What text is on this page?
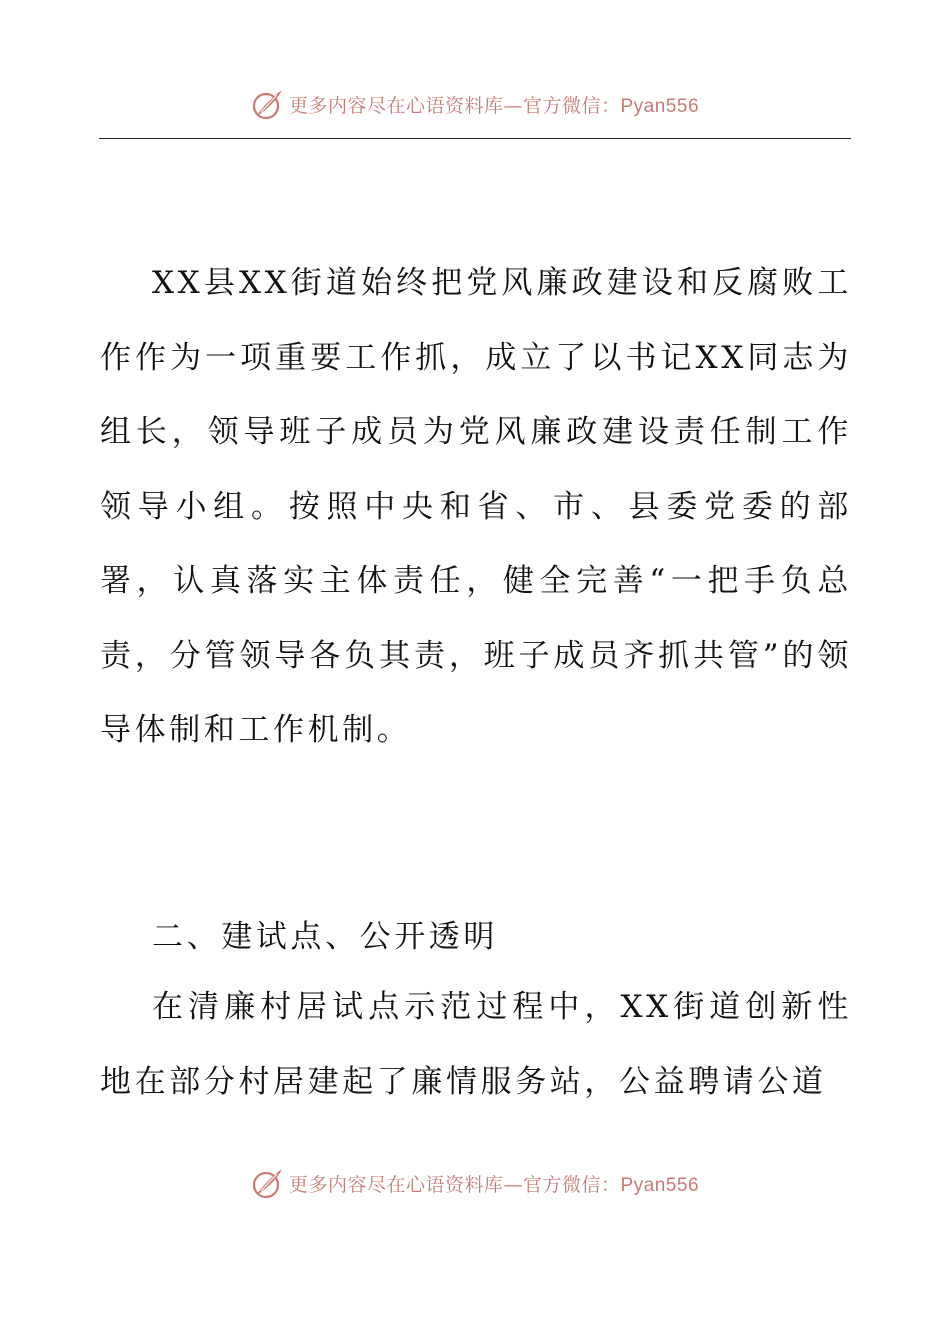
更多内容尽在心语资料库—官方微信：Pyan556

XX县XX街道始终把党风廉政建设和反腐败工作作为一项重要工作抓，成立了以书记XX同志为组长，领导班子成员为党风廉政建设责任制工作领导小组。按照中央和省、市、县委党委的部署，认真落实主体责任，健全完善“一把手负总责，分管领导各负其责，班子成员齐抓共管”的领导体制和工作机制。

二、建试点、公开透明

在清廉村居试点示范过程中，XX街道创新性地在部分村居建起了廉情服务站，公益聘请公道

更多内容尽在心语资料库—官方微信：Pyan556
